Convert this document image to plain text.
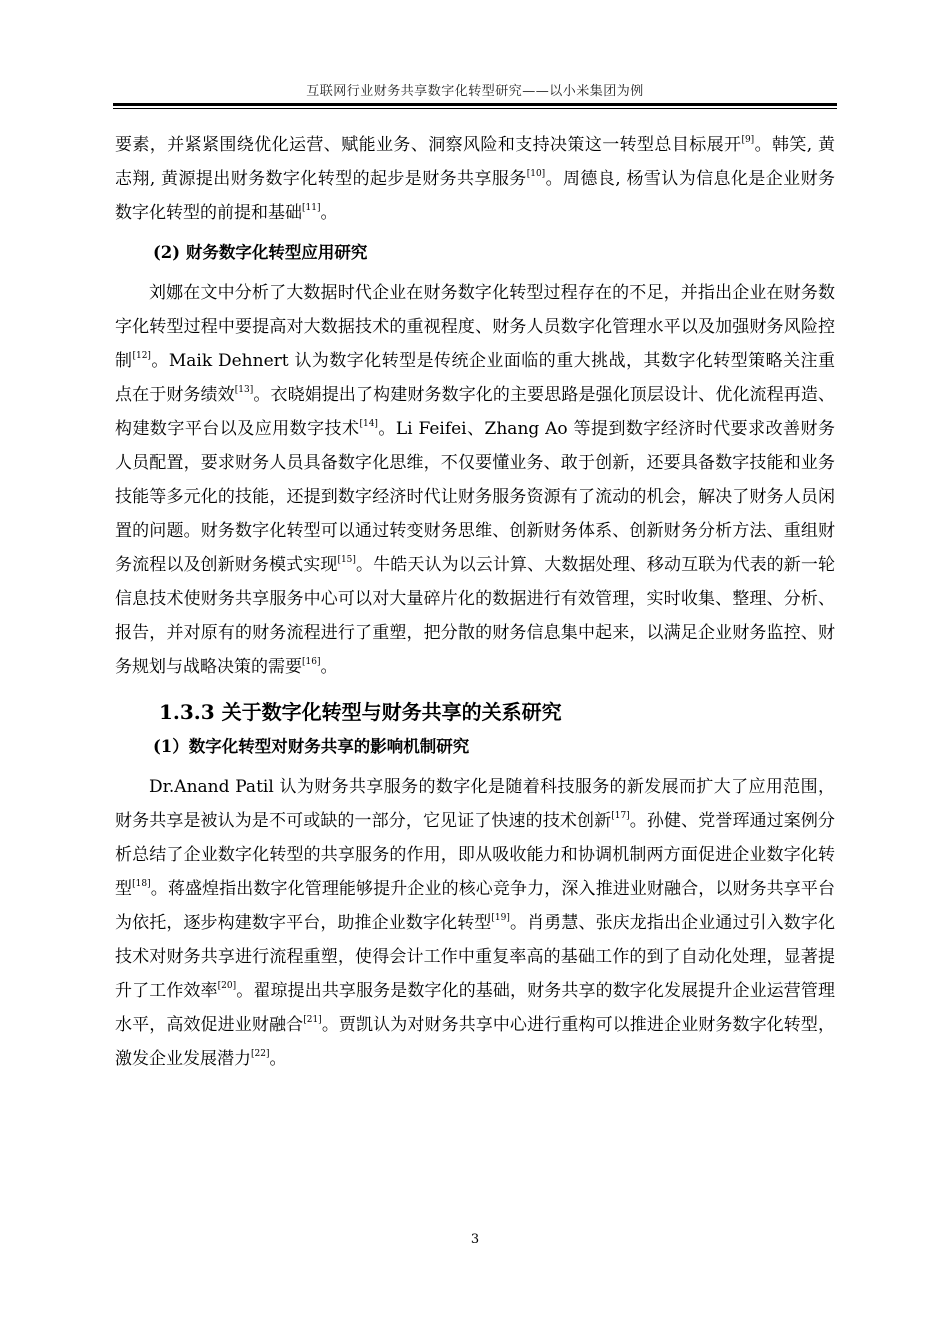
互联网行业财务共享数字化转型研究——以小米集团为例

要素，并紧紧围绕优化运营、赋能业务、洞察风险和支持决策这一转型总目标展开[9]。韩笑, 黄志翔, 黄源提出财务数字化转型的起步是财务共享服务[10]。周德良, 杨雪认为信息化是企业财务数字化转型的前提和基础[11]。

(2) 财务数字化转型应用研究

刘娜在文中分析了大数据时代企业在财务数字化转型过程存在的不足，并指出企业在财务数字化转型过程中要提高对大数据技术的重视程度、财务人员数字化管理水平以及加强财务风险控制[12]。Maik Dehnert 认为数字化转型是传统企业面临的重大挑战，其数字化转型策略关注重点在于财务绩效[13]。衣晓娟提出了构建财务数字化的主要思路是强化顶层设计、优化流程再造、构建数字平台以及应用数字技术[14]。Li Feifei、Zhang Ao 等提到数字经济时代要求改善财务人员配置，要求财务人员具备数字化思维，不仅要懂业务、敢于创新，还要具备数字技能和业务技能等多元化的技能，还提到数字经济时代让财务服务资源有了流动的机会，解决了财务人员闲置的问题。财务数字化转型可以通过转变财务思维、创新财务体系、创新财务分析方法、重组财务流程以及创新财务模式实现[15]。牛皓天认为以云计算、大数据处理、移动互联为代表的新一轮信息技术使财务共享服务中心可以对大量碎片化的数据进行有效管理，实时收集、整理、分析、报告，并对原有的财务流程进行了重塑，把分散的财务信息集中起来，以满足企业财务监控、财务规划与战略决策的需要[16]。

1.3.3 关于数字化转型与财务共享的关系研究
(1）数字化转型对财务共享的影响机制研究

Dr.Anand Patil 认为财务共享服务的数字化是随着科技服务的新发展而扩大了应用范围，财务共享是被认为是不可或缺的一部分，它见证了快速的技术创新[17]。孙健、党誉珲通过案例分析总结了企业数字化转型的共享服务的作用，即从吸收能力和协调机制两方面促进企业数字化转型[18]。蒋盛煌指出数字化管理能够提升企业的核心竞争力，深入推进业财融合，以财务共享平台为依托，逐步构建数字平台，助推企业数字化转型[19]。肖勇慧、张庆龙指出企业通过引入数字化技术对财务共享进行流程重塑，使得会计工作中重复率高的基础工作的到了自动化处理，显著提升了工作效率[20]。翟琼提出共享服务是数字化的基础，财务共享的数字化发展提升企业运营管理水平，高效促进业财融合[21]。贾凯认为对财务共享中心进行重构可以推进企业财务数字化转型，激发企业发展潜力[22]。

3
